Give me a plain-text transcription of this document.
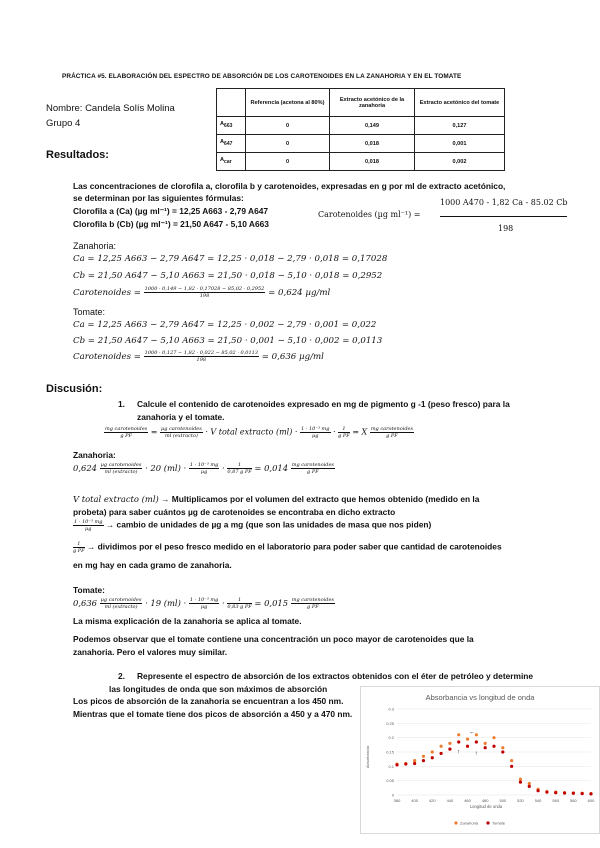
PRÁCTICA #5. ELABORACIÓN DEL ESPECTRO DE ABSORCIÓN DE LOS CAROTENOIDES EN LA ZANAHORIA Y EN EL TOMATE
Nombre: Candela Solís Molina
Grupo 4
Resultados:
	Referencia (acetona al 80%)	Extracto acetónico de la zanahoria	Extracto acetónico del tomate
$A_{663}$	0	0,149	0,127
$A_{647}$	0	0,018	0,001
$A_{car}$	0	0,018	0,002
Las concentraciones de clorofila a, clorofila b y carotenoides, expresadas en g por ml de extracto acetónico,
se determinan por las siguientes fórmulas:
Clorofila a (Ca) (µg ml⁻¹) = 12,25 A663 - 2,79 A647
Clorofila b (Cb) (µg ml⁻¹) = 21,50 A647 - 5,10 A663
Carotenoides (µg ml⁻¹) =
1000 A470 - 1,82 Ca - 85.02 Cb
198
Zanahoria:
Ca = 12,25 A663 − 2,79 A647 = 12,25 · 0,018 − 2,79 · 0,018 = 0,17028
Cb = 21,50 A647 − 5,10 A663 = 21,50 · 0,018 − 5,10 · 0,018 = 0,2952
Carotenoides = $\frac{1000 \cdot 0,149 - 1,82 \cdot 0,17028 - 85,02 \cdot 0,2952}{198} = 0,624$ µg/ml
Tomate:
Ca = 12,25 A663 − 2,79 A647 = 12,25 · 0,002 − 2,79 · 0,001 = 0,022
Cb = 21,50 A647 − 5,10 A663 = 21,50 · 0,001 − 5,10 · 0,002 = 0,0113
Carotenoides = $\frac{1000 \cdot 0,127 - 1,82 \cdot 0,022 - 85,02 \cdot 0,0113}{198} = 0,636$ µg/ml
Discusión:
1. Calcule el contenido de carotenoides expresado en mg de pigmento g -1 (peso fresco) para la
zanahoria y el tomate.
mg carotenoides
g PF	= µg carotenoides
ml (extracto) · V total extracto (ml) · 1 · 10⁻³ mg
µg	· $\frac{1}{\text{g PF}} = X$ mg carotenoides
g PF
Zanahoria:
0,624 µg carotenoides
ml (extracto) · 20 (ml) · 1 · 10⁻³ mg
µg	· $\frac{1}{\text{0,87 g PF}} = 0,014$ mg carotenoides
g PF
V total extracto (ml) → Multiplicamos por el volumen del extracto que hemos obtenido (medido en la
probeta) para saber cuántos µg de carotenoides se encontraba en dicho extracto
1 · 10⁻³ mg
µg	→ cambio de unidades de µg a mg (que son las unidades de masa que nos piden)
$\frac{1}{\text{g PF}}$ → dividimos por el peso fresco medido en el laboratorio para poder saber que cantidad de carotenoides
en mg hay en cada gramo de zanahoria.
Tomate:
0,636 µg carotenoides
ml (extracto) · 19 (ml) · 1 · 10⁻³ mg
µg	· $\frac{1}{\text{0,83 g PF}} = 0,015$ mg carotenoides
g PF
La misma explicación de la zanahoria se aplica al tomate.
Podemos observar que el tomate contiene una concentración un poco mayor de carotenoides que la
zanahoria. Pero el valores muy similar.
2. Represente el espectro de absorción de los extractos obtenidos con el éter de petróleo y determine
las longitudes de onda que son máximos de absorción
Los picos de absorción de la zanahoria se encuentran a los 450 nm.
Mientras que el tomate tiene dos picos de absorción a 450 y a 470 nm.
Absorbancia vs longitud de onda
0
0.05
0.1
0.15
0.2
0.25
0.3
380	400	420	440	460	480	500	520	540	560	580	600
←
↑ ↑
Longitud de onda
Absorbancia
Zanahoria	Tomate
